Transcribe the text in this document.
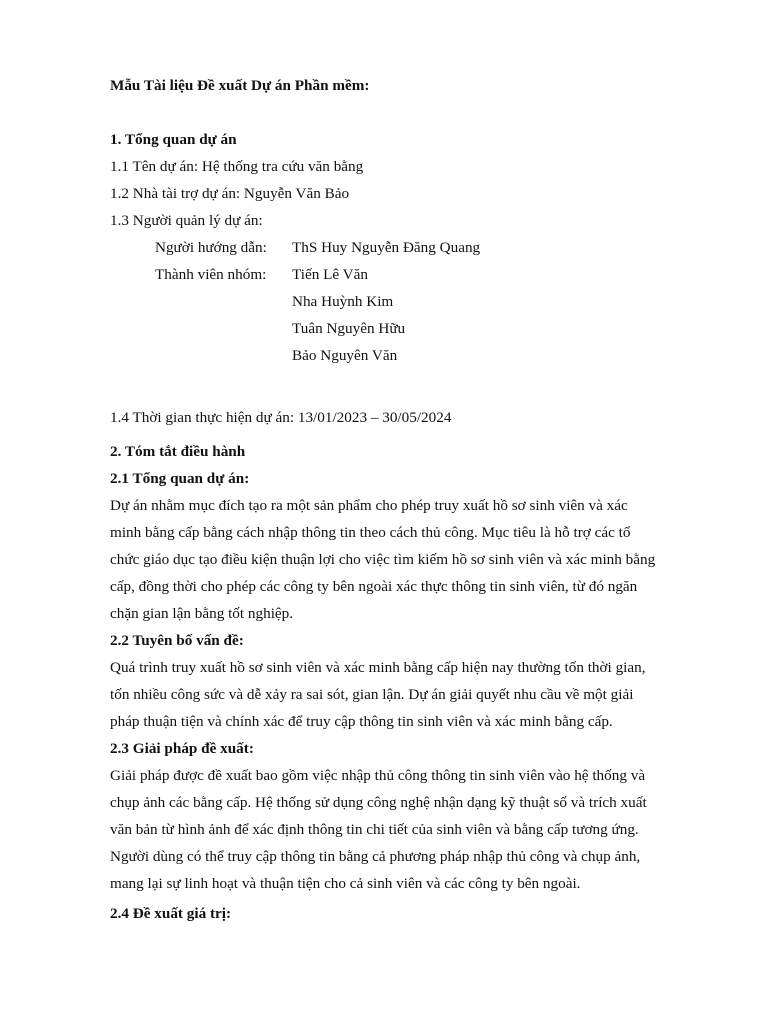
Mẫu Tài liệu Đề xuất Dự án Phần mềm:
1. Tổng quan dự án
1.1 Tên dự án: Hệ thống tra cứu văn bằng
1.2 Nhà tài trợ dự án: Nguyễn Văn Bảo
1.3 Người quản lý dự án:
Người hướng dẫn: ThS Huy Nguyễn Đăng Quang
Thành viên nhóm: Tiến Lê Văn
Nha Huỳnh Kim
Tuân Nguyên Hữu
Bảo Nguyên Văn
1.4 Thời gian thực hiện dự án: 13/01/2023 – 30/05/2024
2. Tóm tắt điều hành
2.1 Tổng quan dự án:
Dự án nhằm mục đích tạo ra một sản phẩm cho phép truy xuất hồ sơ sinh viên và xác
minh bằng cấp bằng cách nhập thông tin theo cách thủ công. Mục tiêu là hỗ trợ các tổ
chức giáo dục tạo điều kiện thuận lợi cho việc tìm kiếm hồ sơ sinh viên và xác minh bằng
cấp, đồng thời cho phép các công ty bên ngoài xác thực thông tin sinh viên, từ đó ngăn
chặn gian lận bằng tốt nghiệp.
2.2 Tuyên bố vấn đề:
Quá trình truy xuất hồ sơ sinh viên và xác minh bằng cấp hiện nay thường tốn thời gian,
tốn nhiều công sức và dễ xảy ra sai sót, gian lận. Dự án giải quyết nhu cầu về một giải
pháp thuận tiện và chính xác để truy cập thông tin sinh viên và xác minh bằng cấp.
2.3 Giải pháp đề xuất:
Giải pháp được đề xuất bao gồm việc nhập thủ công thông tin sinh viên vào hệ thống và
chụp ảnh các bằng cấp. Hệ thống sử dụng công nghệ nhận dạng kỹ thuật số và trích xuất
văn bản từ hình ảnh để xác định thông tin chi tiết của sinh viên và bằng cấp tương ứng.
Người dùng có thể truy cập thông tin bằng cả phương pháp nhập thủ công và chụp ảnh,
mang lại sự linh hoạt và thuận tiện cho cả sinh viên và các công ty bên ngoài.
2.4 Đề xuất giá trị:
